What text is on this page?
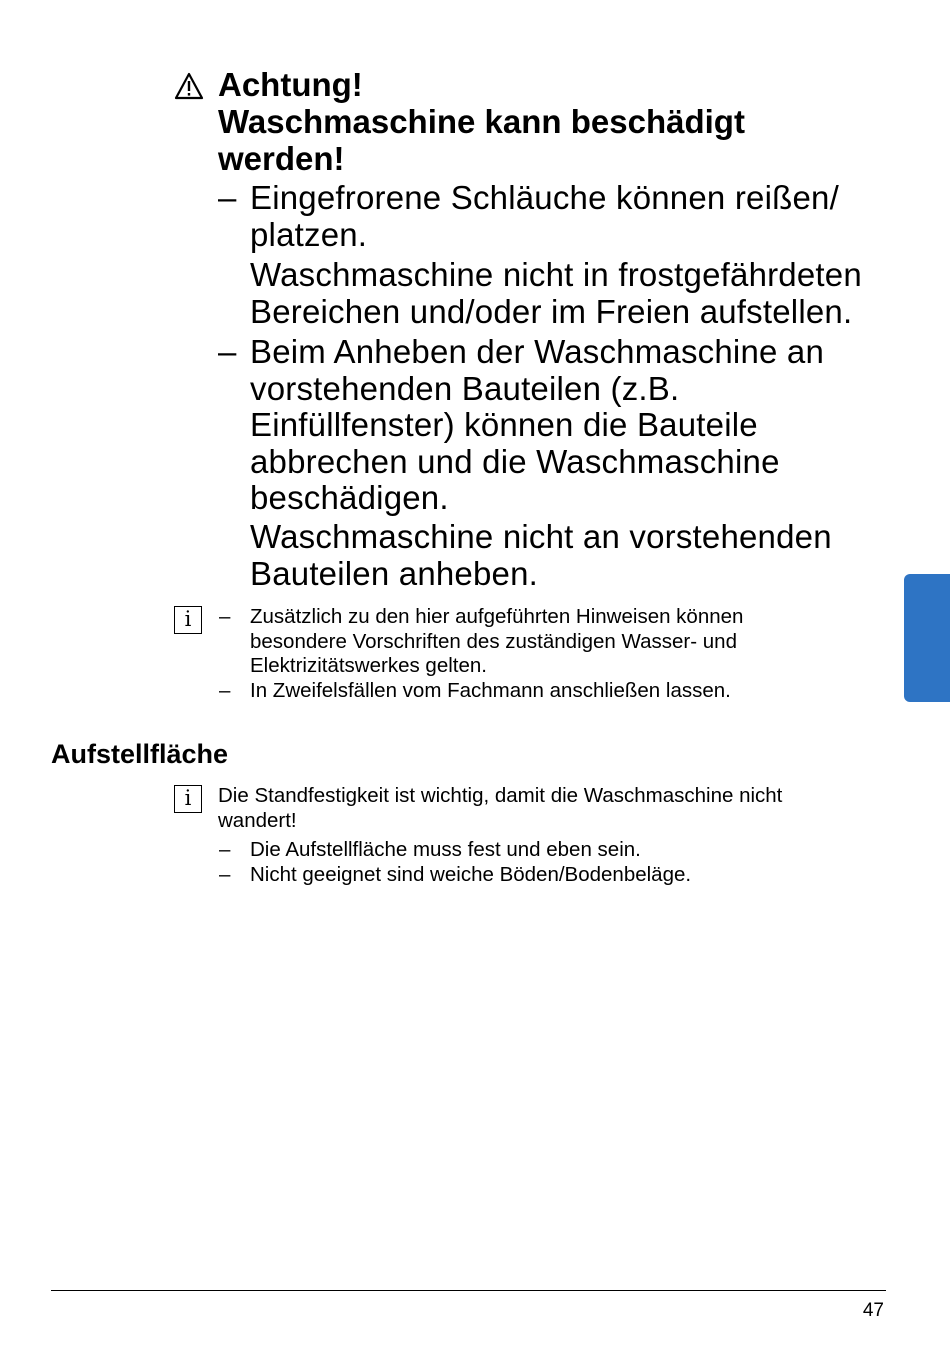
Achtung!
Waschmaschine kann beschädigt
werden!
– Eingefrorene Schläuche können reißen/
platzen.
Waschmaschine nicht in frostgefährdeten
Bereichen und/oder im Freien aufstellen.
– Beim Anheben der Waschmaschine an
vorstehenden Bauteilen (z.B.
Einfüllfenster) können die Bauteile
abbrechen und die Waschmaschine
beschädigen.
Waschmaschine nicht an vorstehenden
Bauteilen anheben.
i	– Zusätzlich zu den hier aufgeführten Hinweisen können
besondere Vorschriften des zuständigen Wasser- und
Elektrizitätswerkes gelten.
– In Zweifelsfällen vom Fachmann anschließen lassen.
Aufstellfläche
i	Die Standfestigkeit ist wichtig, damit die Waschmaschine nicht
wandert!
– Die Aufstellfläche muss fest und eben sein.
– Nicht geeignet sind weiche Böden/Bodenbeläge.
47
